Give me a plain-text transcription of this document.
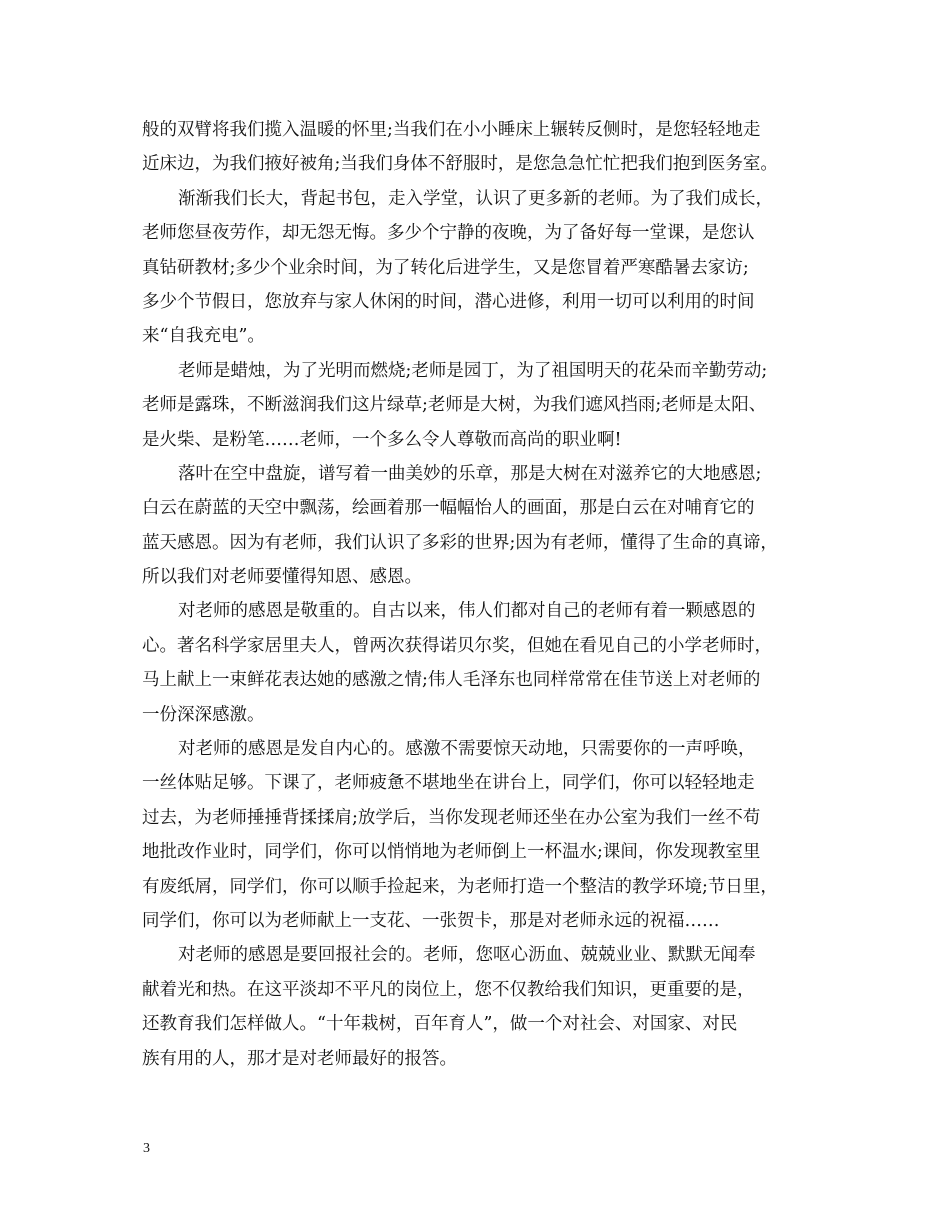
般的双臂将我们揽入温暖的怀里;当我们在小小睡床上辗转反侧时，是您轻轻地走
近床边，为我们掖好被角;当我们身体不舒服时，是您急急忙忙把我们抱到医务室。
渐渐我们长大，背起书包，走入学堂，认识了更多新的老师。为了我们成长，
老师您昼夜劳作，却无怨无悔。多少个宁静的夜晚，为了备好每一堂课，是您认
真钻研教材;多少个业余时间，为了转化后进学生，又是您冒着严寒酷暑去家访;
多少个节假日，您放弃与家人休闲的时间，潜心进修，利用一切可以利用的时间
来“自我充电”。
老师是蜡烛，为了光明而燃烧;老师是园丁，为了祖国明天的花朵而辛勤劳动;
老师是露珠，不断滋润我们这片绿草;老师是大树，为我们遮风挡雨;老师是太阳、
是火柴、是粉笔……老师，一个多么令人尊敬而高尚的职业啊!
落叶在空中盘旋，谱写着一曲美妙的乐章，那是大树在对滋养它的大地感恩;
白云在蔚蓝的天空中飘荡，绘画着那一幅幅怡人的画面，那是白云在对哺育它的
蓝天感恩。因为有老师，我们认识了多彩的世界;因为有老师，懂得了生命的真谛，
所以我们对老师要懂得知恩、感恩。
对老师的感恩是敬重的。自古以来，伟人们都对自己的老师有着一颗感恩的
心。著名科学家居里夫人，曾两次获得诺贝尔奖，但她在看见自己的小学老师时，
马上献上一束鲜花表达她的感激之情;伟人毛泽东也同样常常在佳节送上对老师的
一份深深感激。
对老师的感恩是发自内心的。感激不需要惊天动地，只需要你的一声呼唤，
一丝体贴足够。下课了，老师疲惫不堪地坐在讲台上，同学们，你可以轻轻地走
过去，为老师捶捶背揉揉肩;放学后，当你发现老师还坐在办公室为我们一丝不苟
地批改作业时，同学们，你可以悄悄地为老师倒上一杯温水;课间，你发现教室里
有废纸屑，同学们，你可以顺手捡起来，为老师打造一个整洁的教学环境;节日里，
同学们，你可以为老师献上一支花、一张贺卡，那是对老师永远的祝福……
对老师的感恩是要回报社会的。老师，您呕心沥血、兢兢业业、默默无闻奉
献着光和热。在这平淡却不平凡的岗位上，您不仅教给我们知识，更重要的是，
还教育我们怎样做人。“十年栽树，百年育人”，做一个对社会、对国家、对民
族有用的人，那才是对老师最好的报答。
3
